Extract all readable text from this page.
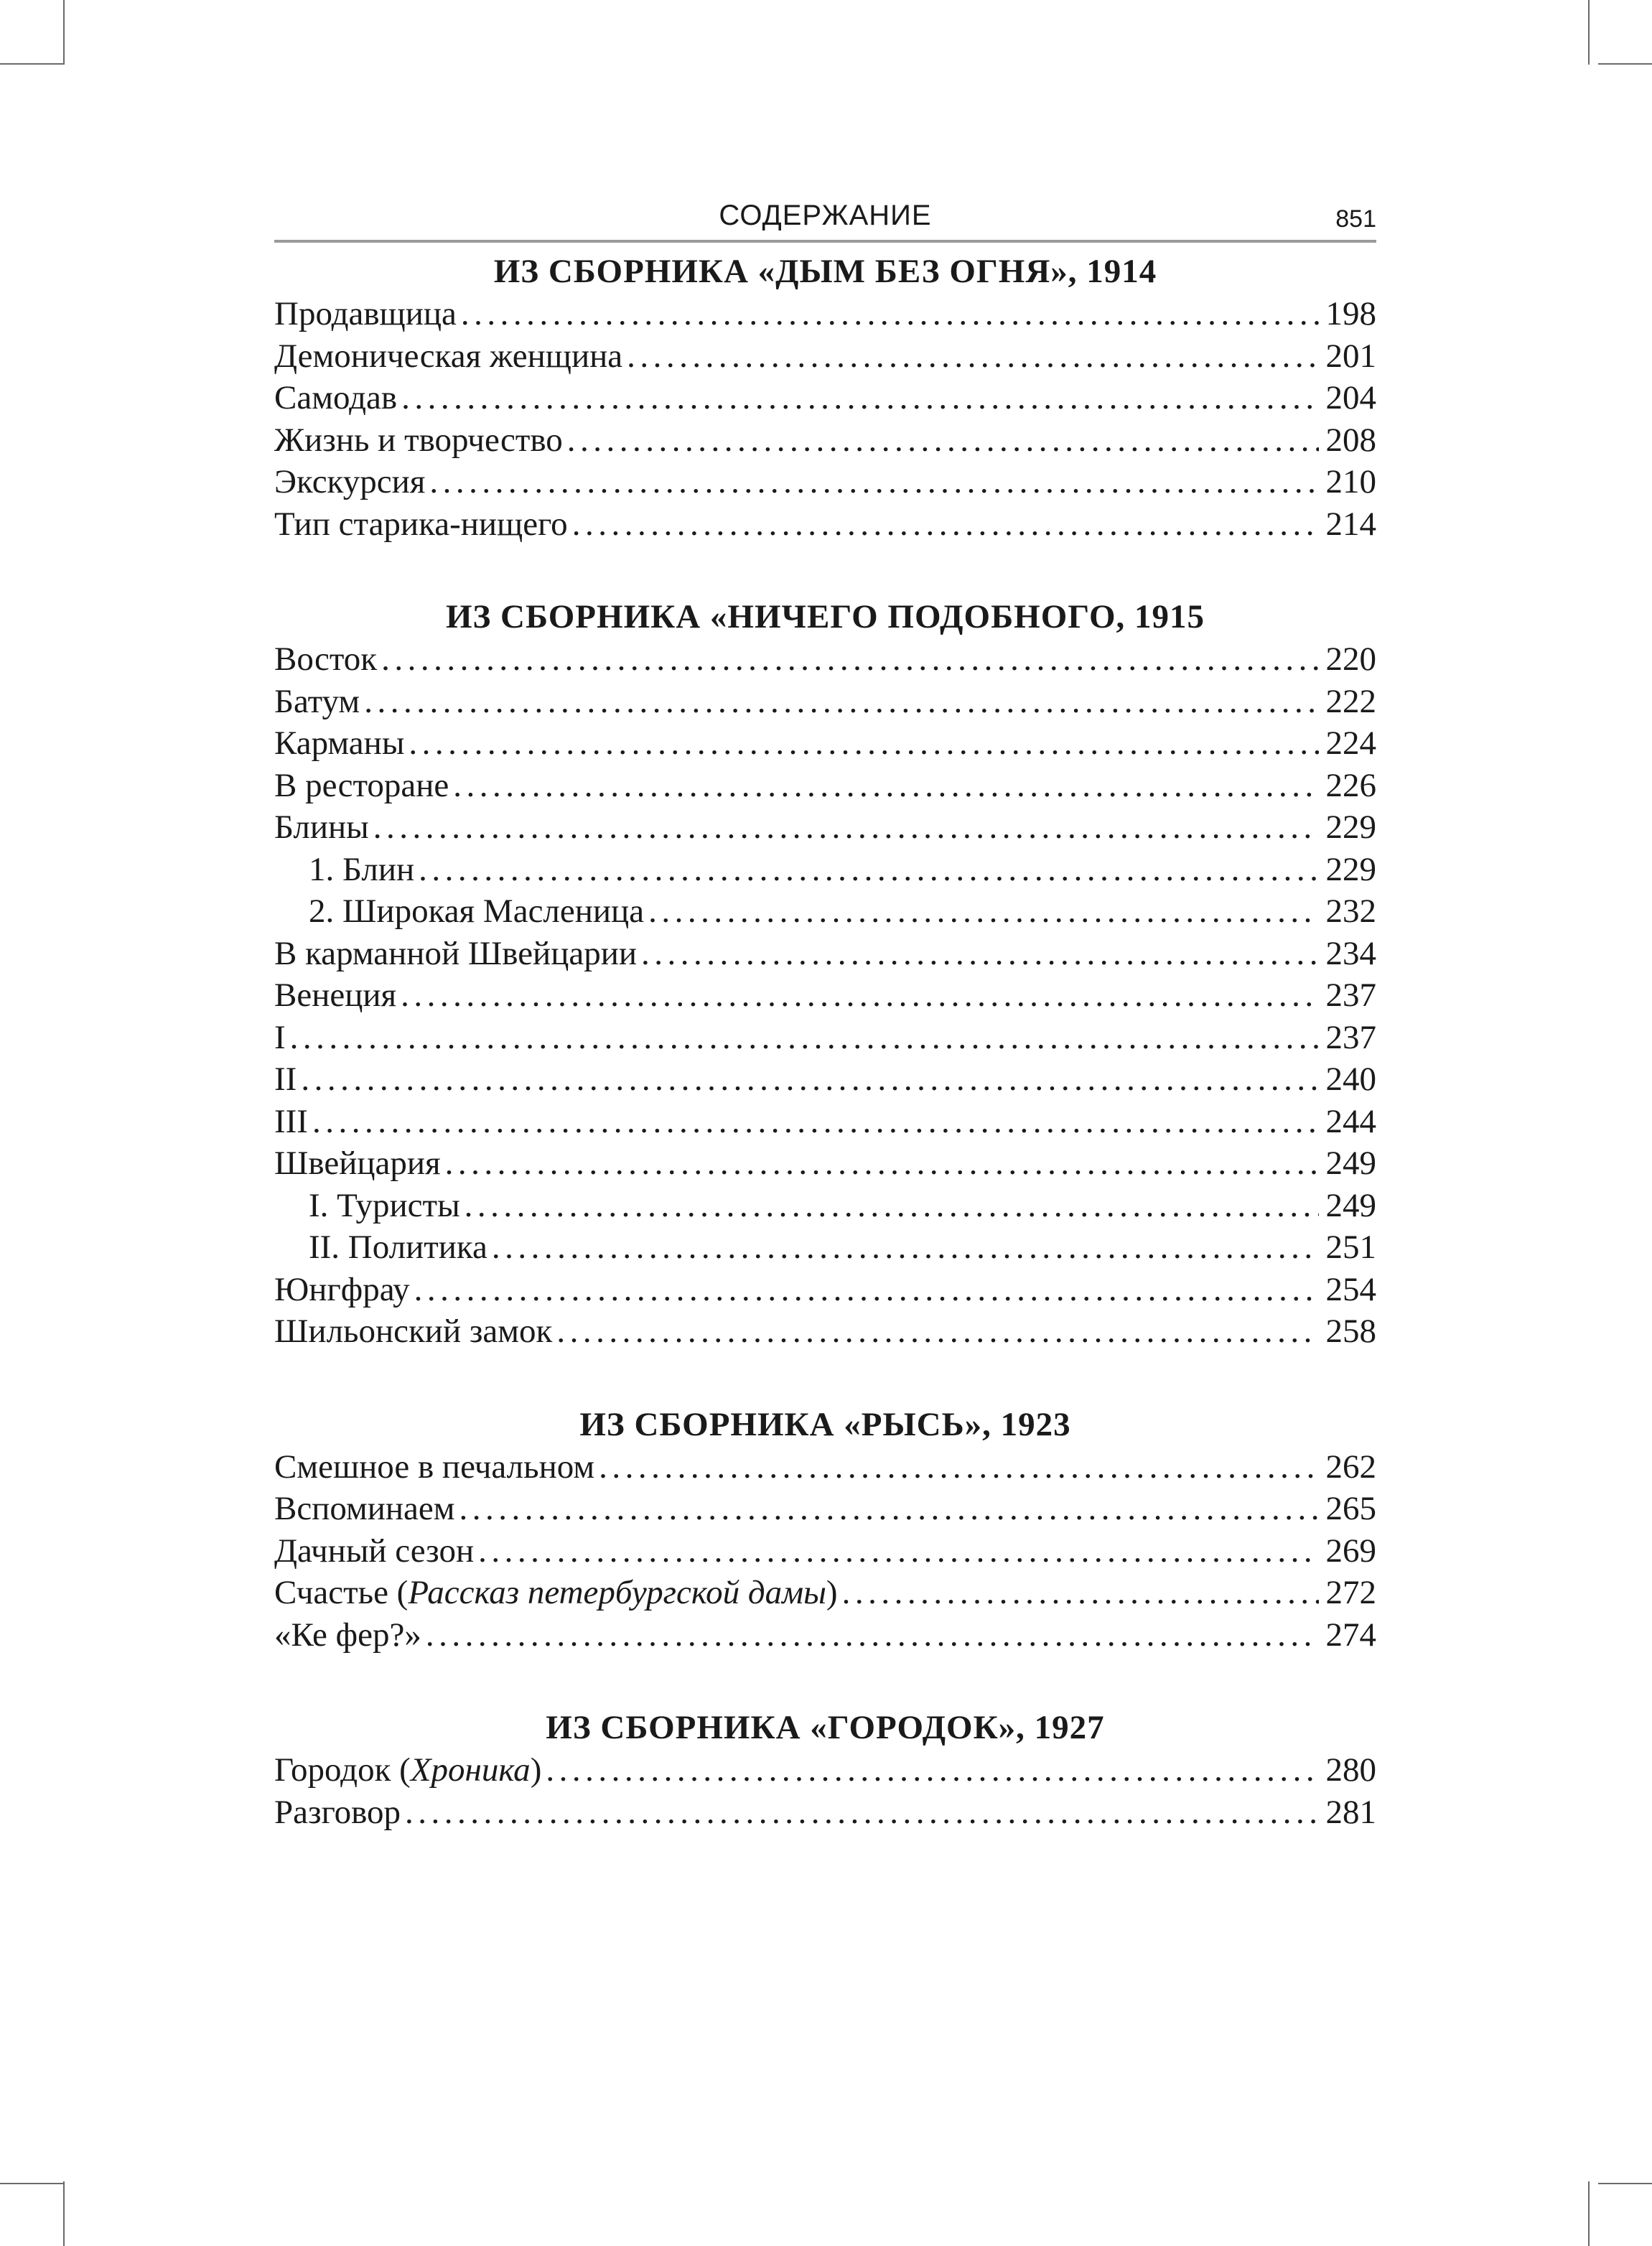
СОДЕРЖАНИЕ	851
ИЗ СБОРНИКА «ДЫМ БЕЗ ОГНЯ», 1914
Продавщица .....	198
Демоническая женщина .....	201
Самодав .....	204
Жизнь и творчество .....	208
Экскурсия .....	210
Тип старика-нищего .....	214
ИЗ СБОРНИКА «НИЧЕГО ПОДОБНОГО, 1915
Восток .....	220
Батум .....	222
Карманы .....	224
В ресторане .....	226
Блины .....	229
1. Блин .....	229
2. Широкая Масленица .....	232
В карманной Швейцарии .....	234
Венеция .....	237
I .....	237
II .....	240
III .....	244
Швейцария .....	249
I. Туристы .....	249
II. Политика .....	251
Юнгфрау .....	254
Шильонский замок .....	258
ИЗ СБОРНИКА «РЫСЬ», 1923
Смешное в печальном .....	262
Вспоминаем .....	265
Дачный сезон .....	269
Счастье (Рассказ петербургской дамы) .....	272
«Ке фер?» .....	274
ИЗ СБОРНИКА «ГОРОДОК», 1927
Городок (Хроника) .....	280
Разговор .....	281
